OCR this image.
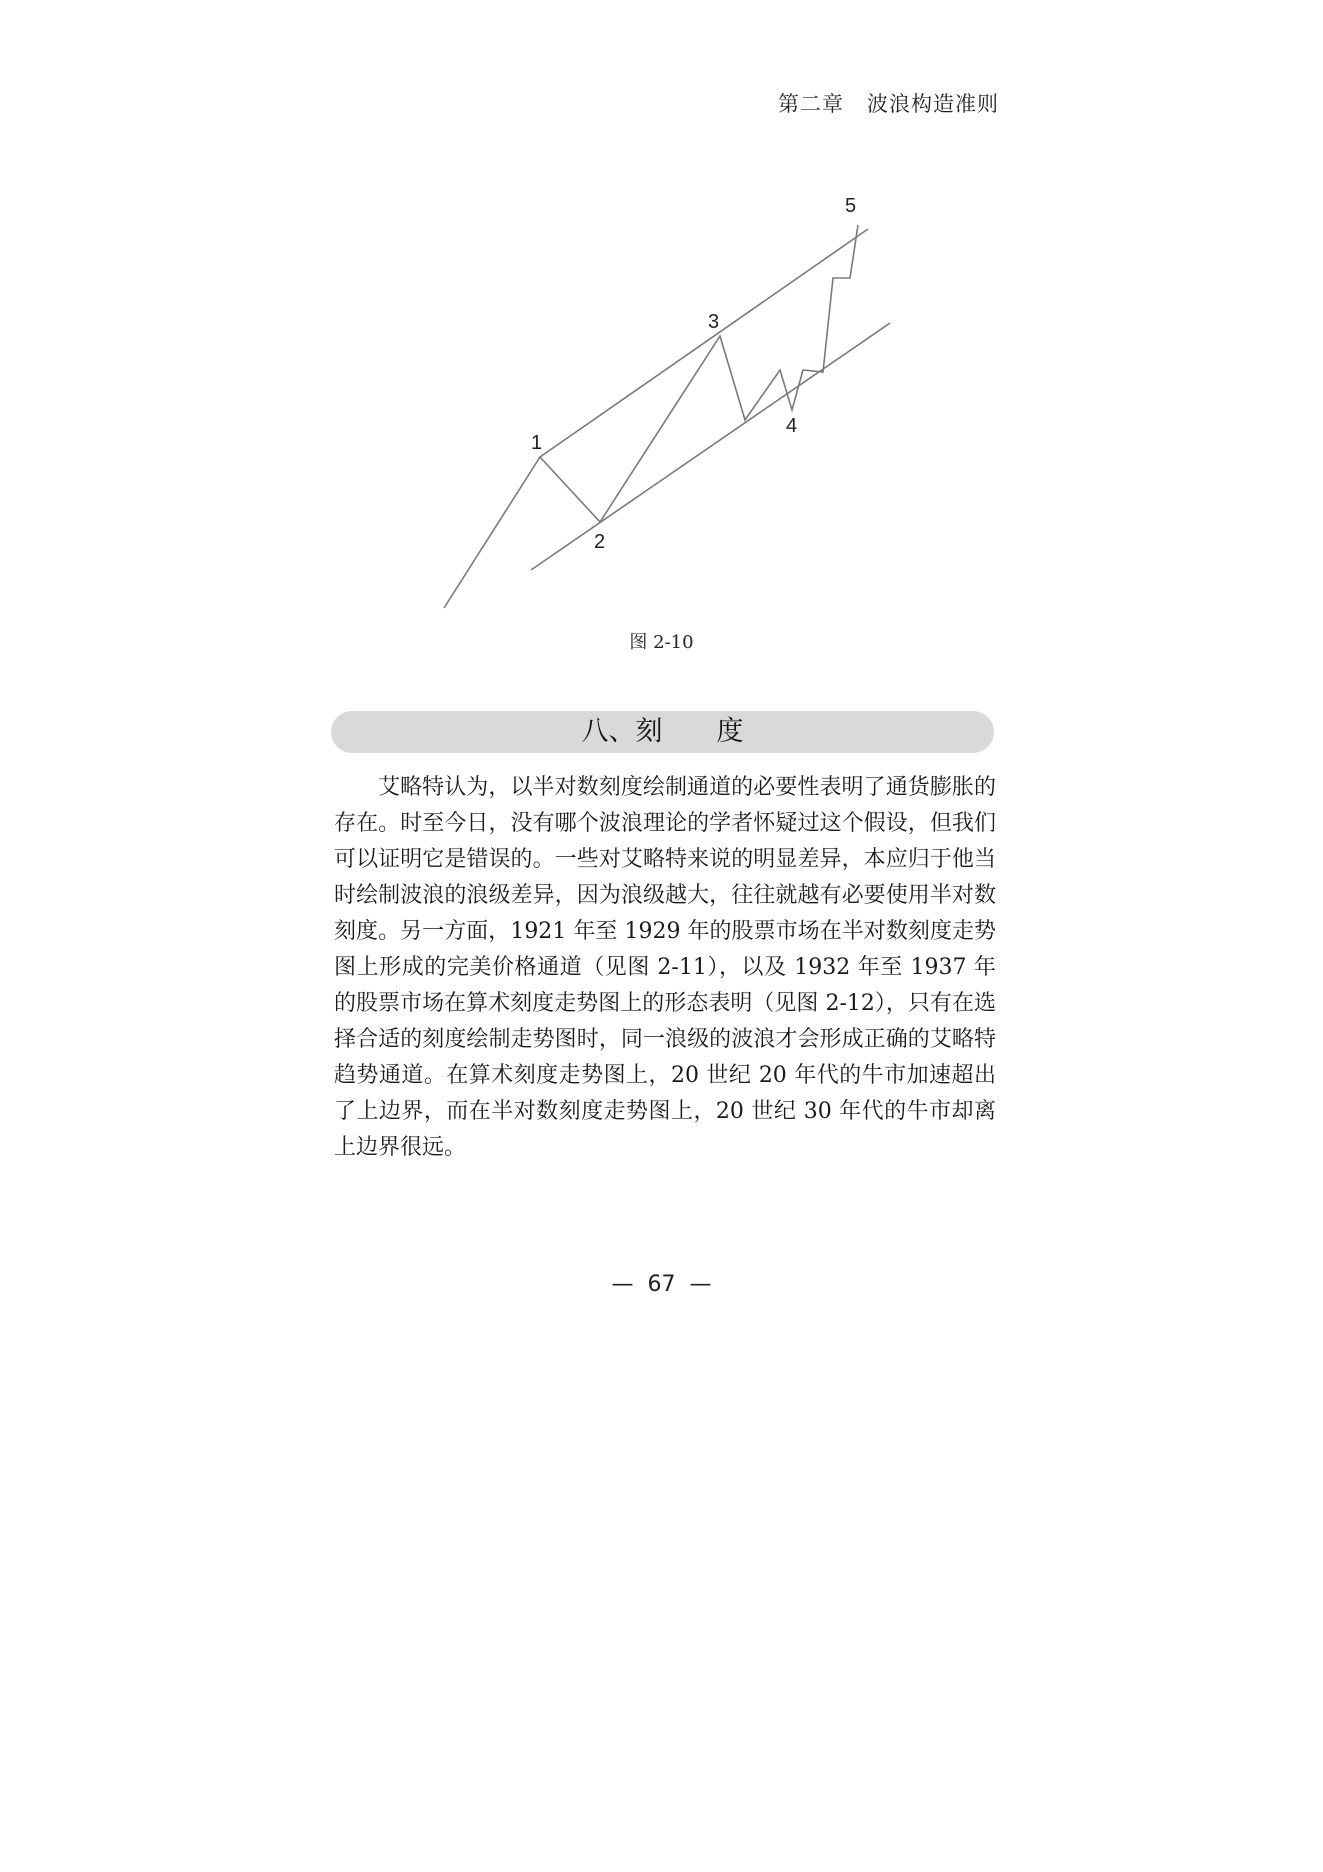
第二章 波浪构造准则
1
2
3
4
5
图 2-10
八、刻　　度

艾略特认为，以半对数刻度绘制通道的必要性表明了通货膨胀的存在。时至今日，没有哪个波浪理论的学者怀疑过这个假设，但我们可以证明它是错误的。一些对艾略特来说的明显差异，本应归于他当时绘制波浪的浪级差异，因为浪级越大，往往就越有必要使用半对数刻度。另一方面，1921 年至 1929 年的股票市场在半对数刻度走势图上形成的完美价格通道（见图 2-11），以及 1932 年至 1937 年的股票市场在算术刻度走势图上的形态表明（见图 2-12），只有在选择合适的刻度绘制走势图时，同一浪级的波浪才会形成正确的艾略特趋势通道。在算术刻度走势图上，20 世纪 20 年代的牛市加速超出了上边界，而在半对数刻度走势图上，20 世纪 30 年代的牛市却离上边界很远。

—  67  —
